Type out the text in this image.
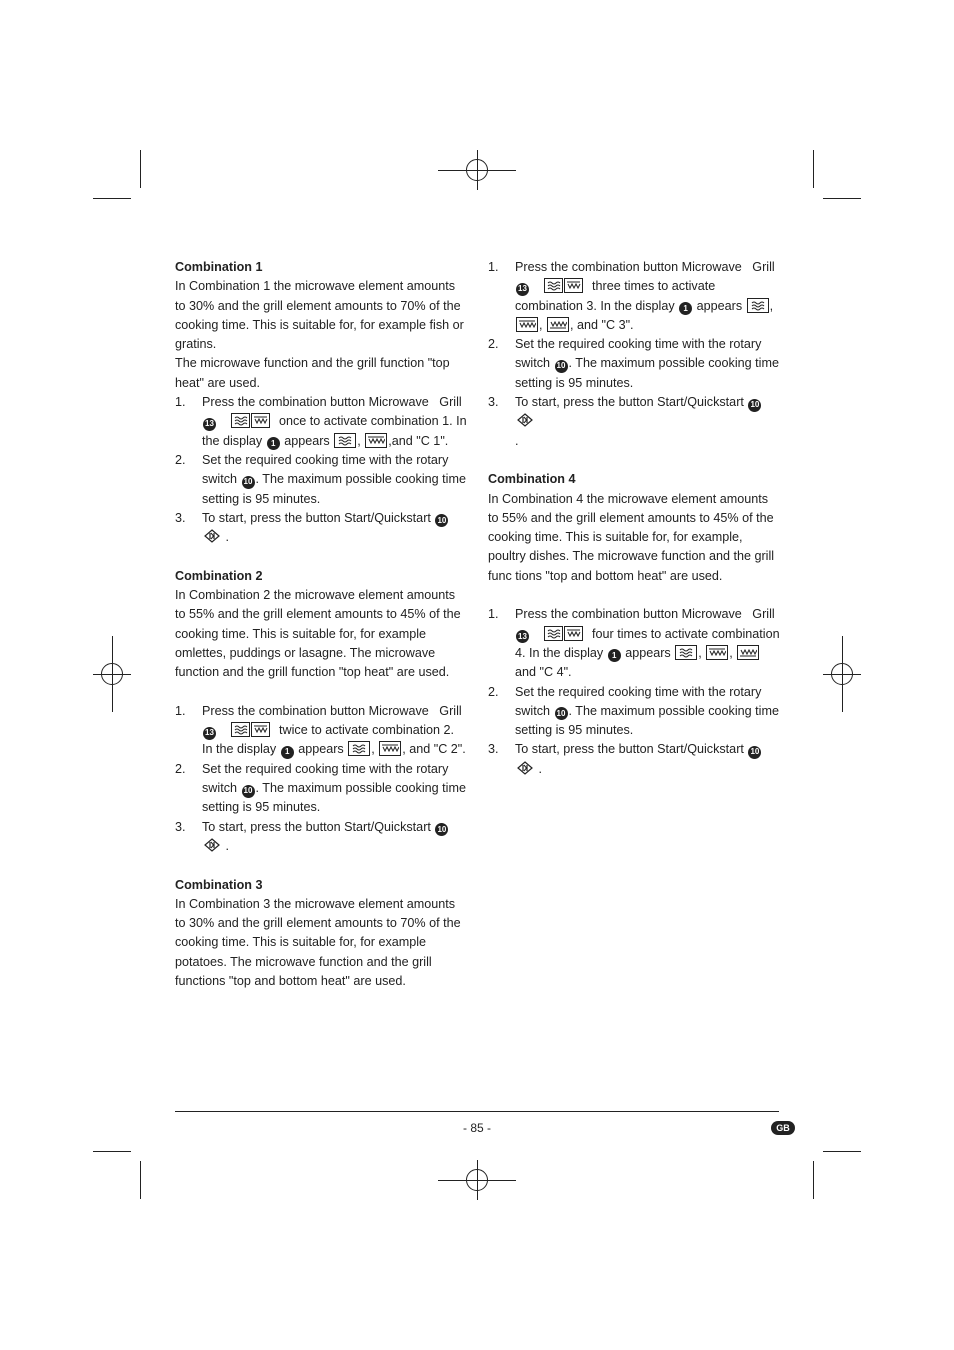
Combination 1

In Combination 1 the microwave element amounts to 30% and the grill element amounts to 70% of the cooking time. This is suitable for, for example fish or gratins.

The microwave function and the grill function "top heat" are used.

1. Press the combination button Microwave   Grill
13	once to activate combination 1. In the display 1 appears ,
,and "C 1".
2. Set the required cooking time with the rotary switch 10 . The maximum possible cooking time setting is 95 minutes.
3. To start, press the button Start/Quickstart 10
.

Combination 2

In Combination 2 the microwave element amounts to 55% and the grill element amounts to 45% of the cooking time. This is suitable for, for example omlettes, puddings or lasagne. The microwave function and the grill function "top heat" are used.

1. Press the combination button Microwave   Grill
13	twice to activate combination 2. In the display 1 appears ,
, and "C 2".
2. Set the required cooking time with the rotary switch 10 . The maximum possible cooking time setting is 95 minutes.
3. To start, press the button Start/Quickstart 10
.

Combination 3

In Combination 3 the microwave element amounts to 30% and the grill element amounts to 70% of the cooking time. This is suitable for, for example potatoes. The microwave function and the grill functions "top and bottom heat" are used.

1. Press the combination button Microwave   Grill
13	three times to activate combination 3. In the display 1 appears ,
,
, and "C 3".
2. Set the required cooking time with the rotary switch 10 . The maximum possible cooking time setting is 95 minutes.
3. To start, press the button Start/Quickstart 10
.

Combination 4

In Combination 4 the microwave element amounts to 55% and the grill element amounts to 45% of the cooking time. This is suitable for, for example, poultry dishes. The microwave function and the grill func tions "top and bottom heat" are used.

1. Press the combination button Microwave   Grill
13	four times to activate combination 4. In the display 1 appears ,
,
and "C 4".
2. Set the required cooking time with the rotary switch 10 . The maximum possible cooking time setting is 95 minutes.
3. To start, press the button Start/Quickstart 10
.
- 85 -	GB
